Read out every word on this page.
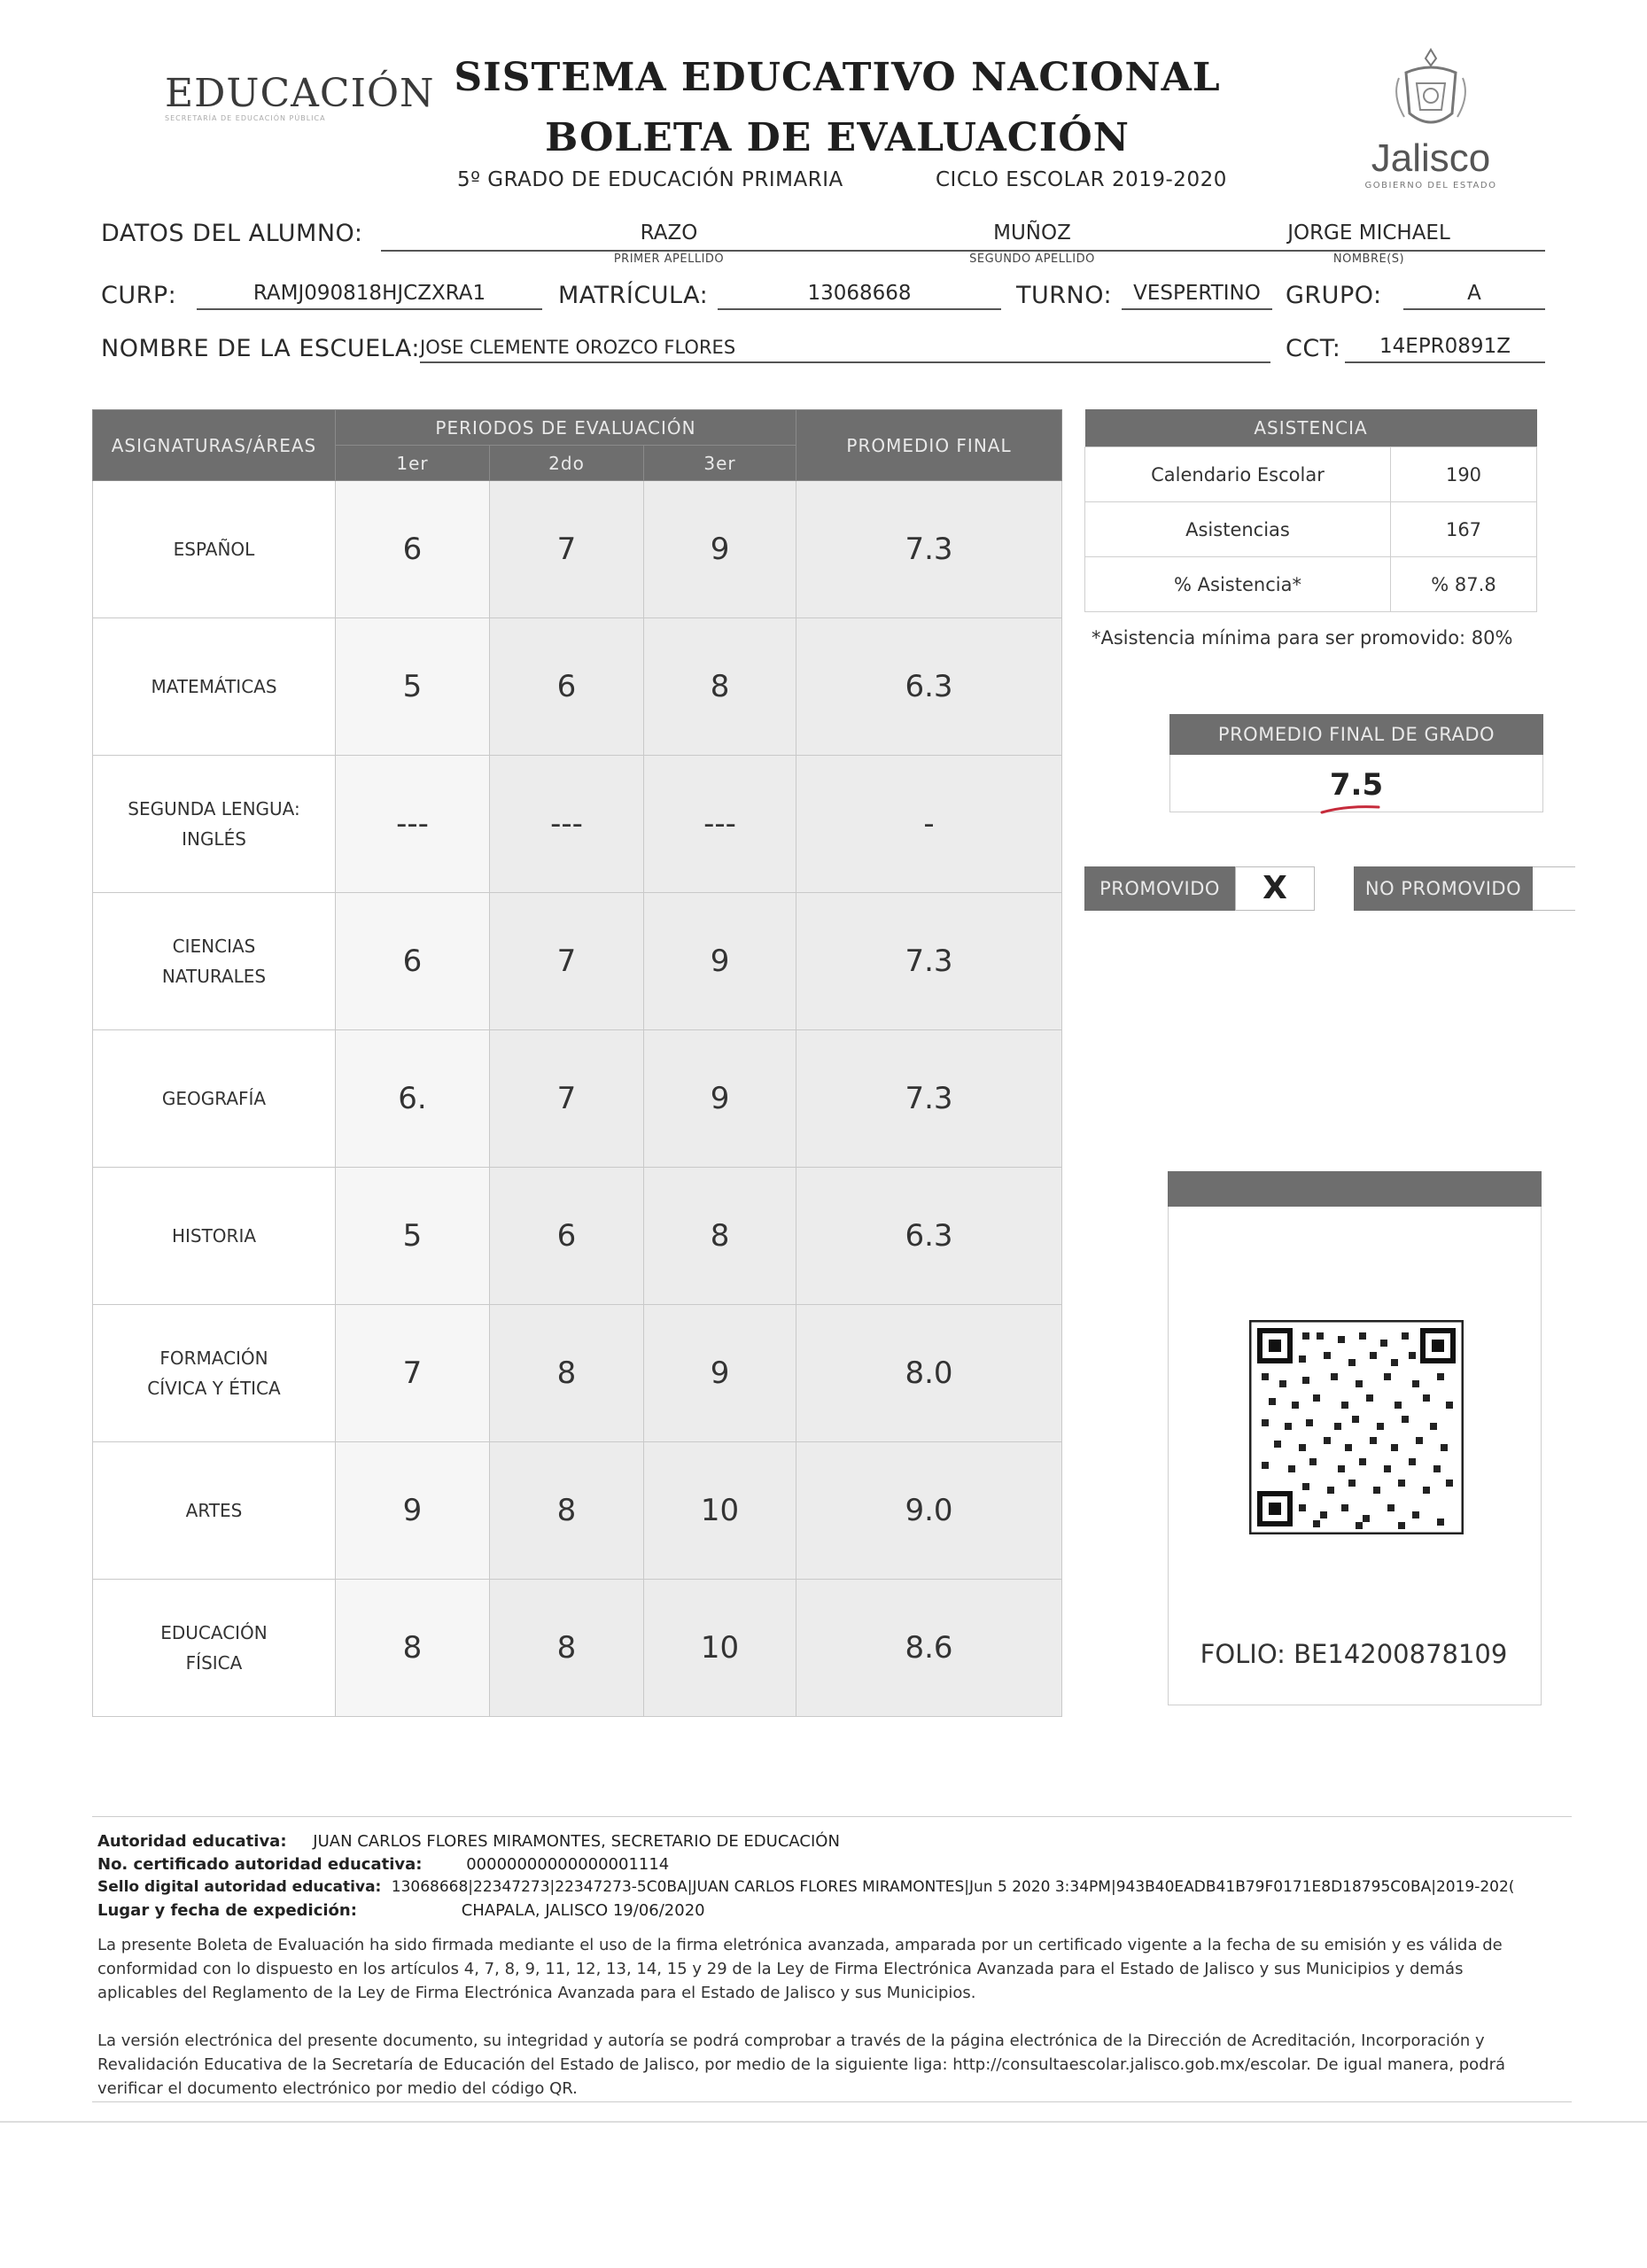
EDUCACIÓN
SECRETARÍA DE EDUCACIÓN PÚBLICA
SISTEMA EDUCATIVO NACIONAL
BOLETA DE EVALUACIÓN
5º GRADO DE EDUCACIÓN PRIMARIA	CICLO ESCOLAR 2019-2020	Jalisco
GOBIERNO DEL ESTADO
DATOS DEL ALUMNO:	RAZO	MUÑOZ	JORGE MICHAEL
PRIMER APELLIDO	SEGUNDO APELLIDO	NOMBRE(S)
CURP:	RAMJ090818HJCZXRA1	MATRÍCULA:	13068668	TURNO:	VESPERTINO	GRUPO:	A
NOMBRE DE LA ESCUELA: JOSE CLEMENTE OROZCO FLORES	CCT:	14EPR0891Z
ASIGNATURAS/ÁREAS	PERIODOS DE EVALUACIÓN			PROMEDIO FINAL
	1er	2do	3er	
ESPAÑOL	6	7	9	7.3
MATEMÁTICAS	5	6	8	6.3
SEGUNDA LENGUA:
INGLÉS	---	---	---	-
CIENCIAS
NATURALES	6	7	9	7.3
GEOGRAFÍA	6.	7	9	7.3
HISTORIA	5	6	8	6.3
FORMACIÓN
CÍVICA Y ÉTICA	7	8	9	8.0
ARTES	9	8	10	9.0
EDUCACIÓN
FÍSICA	8	8	10	8.6
ASISTENCIA	
Calendario Escolar	190
Asistencias	167
% Asistencia*	% 87.8
*Asistencia mínima para ser promovido: 80%
PROMEDIO FINAL DE GRADO
7.5
PROMOVIDO	X	NO PROMOVIDO
FOLIO: BE14200878109
Autoridad educativa: JUAN CARLOS FLORES MIRAMONTES, SECRETARIO DE EDUCACIÓN
No. certificado autoridad educativa:	00000000000000001114
Sello digital autoridad educativa: 13068668|22347273|22347273-5C0BA|JUAN CARLOS FLORES MIRAMONTES|Jun 5 2020 3:34PM|943B40EADB41B79F0171E8D18795C0BA|2019-202(
Lugar y fecha de expedición:	CHAPALA, JALISCO 19/06/2020
La presente Boleta de Evaluación ha sido firmada mediante el uso de la firma eletrónica avanzada, amparada por un certificado vigente a la fecha de su emisión y es válida de conformidad con lo dispuesto en los artículos 4, 7, 8, 9, 11, 12, 13, 14, 15 y 29 de la Ley de Firma Electrónica Avanzada para el Estado de Jalisco y sus Municipios y demás aplicables del Reglamento de la Ley de Firma Electrónica Avanzada para el Estado de Jalisco y sus Municipios.
La versión electrónica del presente documento, su integridad y autoría se podrá comprobar a través de la página electrónica de la Dirección de Acreditación, Incorporación y Revalidación Educativa de la Secretaría de Educación del Estado de Jalisco, por medio de la siguiente liga: http://consultaescolar.jalisco.gob.mx/escolar. De igual manera, podrá verificar el documento electrónico por medio del código QR.
